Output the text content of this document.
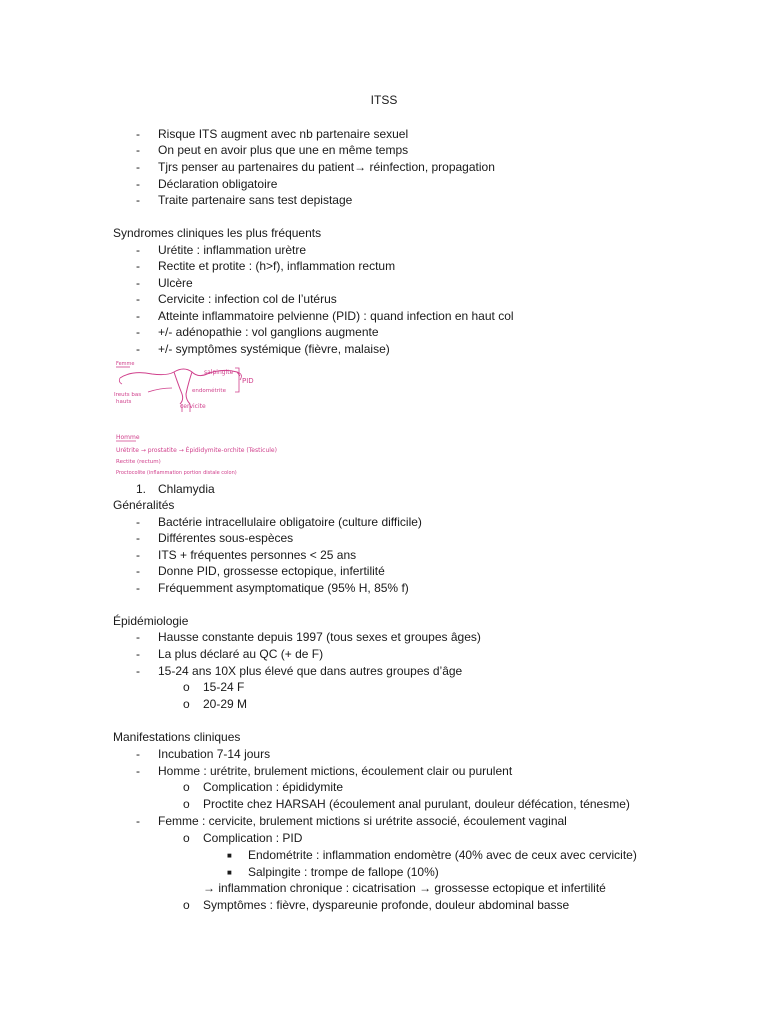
ITSS
- Risque ITS augment avec nb partenaire sexuel
- On peut en avoir plus que une en même temps
- Tjrs penser au partenaires du patient→ réinfection, propagation
- Déclaration obligatoire
- Traite partenaire sans test depistage
Syndromes cliniques les plus fréquents
- Urétite : inflammation urètre
- Rectite et protite : (h>f), inflammation rectum
- Ulcère
- Cervicite : infection col de l’utérus
- Atteinte inflammatoire pelvienne (PID) : quand infection en haut col
- +/- adénopathie : vol ganglions augmente
- +/- symptômes systémique (fièvre, malaise)
Femme
salpingite
PID
endométrite
cervicite
Ireuts bas
hauts
Homme
Urétrite → prostatite → Épididymite-orchite (Testicule)
Rectite (rectum)
Proctocolite (inflammation portion distale colon)
1. Chlamydia
Généralités
- Bactérie intracellulaire obligatoire (culture difficile)
- Différentes sous-espèces
- ITS + fréquentes personnes < 25 ans
- Donne PID, grossesse ectopique, infertilité
- Fréquemment asymptomatique (95% H, 85% f)
Épidémiologie
- Hausse constante depuis 1997 (tous sexes et groupes âges)
- La plus déclaré au QC (+ de F)
- 15-24 ans 10X plus élevé que dans autres groupes d’âge
o 15-24 F
o 20-29 M
Manifestations cliniques
- Incubation 7-14 jours
- Homme : urétrite, brulement mictions, écoulement clair ou purulent
o Complication : épididymite
o Proctite chez HARSAH (écoulement anal purulant, douleur défécation, ténesme)
- Femme : cervicite, brulement mictions si urétrite associé, écoulement vaginal
o Complication : PID
■ Endométrite : inflammation endomètre (40% avec de ceux avec cervicite)
■ Salpingite : trompe de fallope (10%)
→ inflammation chronique : cicatrisation → grossesse ectopique et infertilité
o Symptômes : fièvre, dyspareunie profonde, douleur abdominal basse
